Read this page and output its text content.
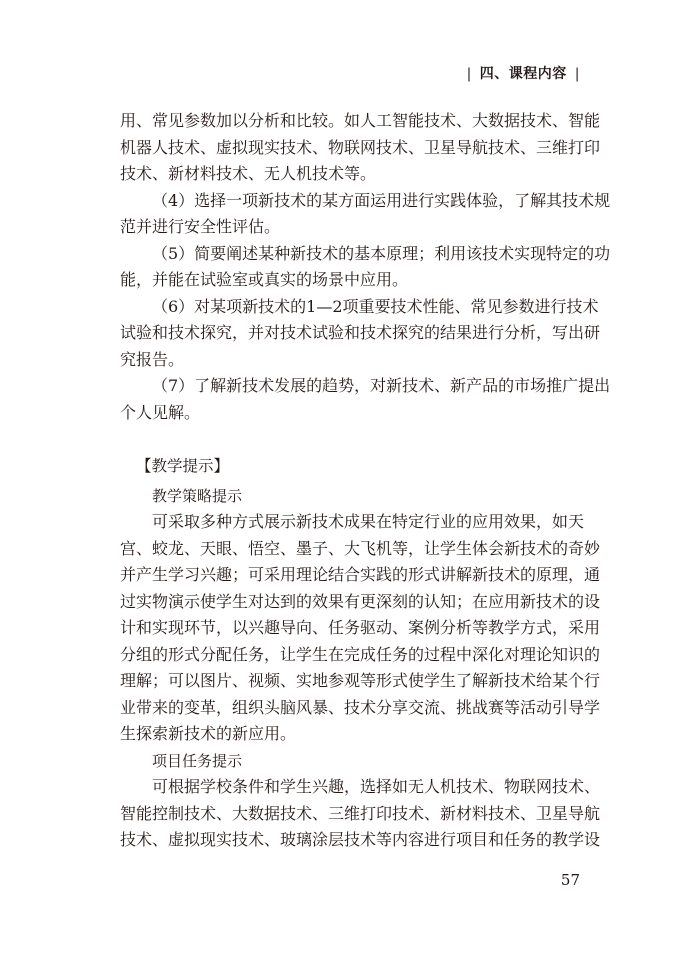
| 四、课程内容 |
用、常见参数加以分析和比较。如人工智能技术、大数据技术、智能
机器人技术、虚拟现实技术、物联网技术、卫星导航技术、三维打印
技术、新材料技术、无人机技术等。
（4）选择一项新技术的某方面运用进行实践体验，了解其技术规
范并进行安全性评估。
（5）简要阐述某种新技术的基本原理；利用该技术实现特定的功
能，并能在试验室或真实的场景中应用。
（6）对某项新技术的1—2项重要技术性能、常见参数进行技术
试验和技术探究，并对技术试验和技术探究的结果进行分析，写出研
究报告。
（7）了解新技术发展的趋势，对新技术、新产品的市场推广提出
个人见解。
【教学提示】
教学策略提示
可采取多种方式展示新技术成果在特定行业的应用效果，如天
宫、蛟龙、天眼、悟空、墨子、大飞机等，让学生体会新技术的奇妙
并产生学习兴趣；可采用理论结合实践的形式讲解新技术的原理，通
过实物演示使学生对达到的效果有更深刻的认知；在应用新技术的设
计和实现环节，以兴趣导向、任务驱动、案例分析等教学方式，采用
分组的形式分配任务，让学生在完成任务的过程中深化对理论知识的
理解；可以图片、视频、实地参观等形式使学生了解新技术给某个行
业带来的变革，组织头脑风暴、技术分享交流、挑战赛等活动引导学
生探索新技术的新应用。
项目任务提示
可根据学校条件和学生兴趣，选择如无人机技术、物联网技术、
智能控制技术、大数据技术、三维打印技术、新材料技术、卫星导航
技术、虚拟现实技术、玻璃涂层技术等内容进行项目和任务的教学设
57
